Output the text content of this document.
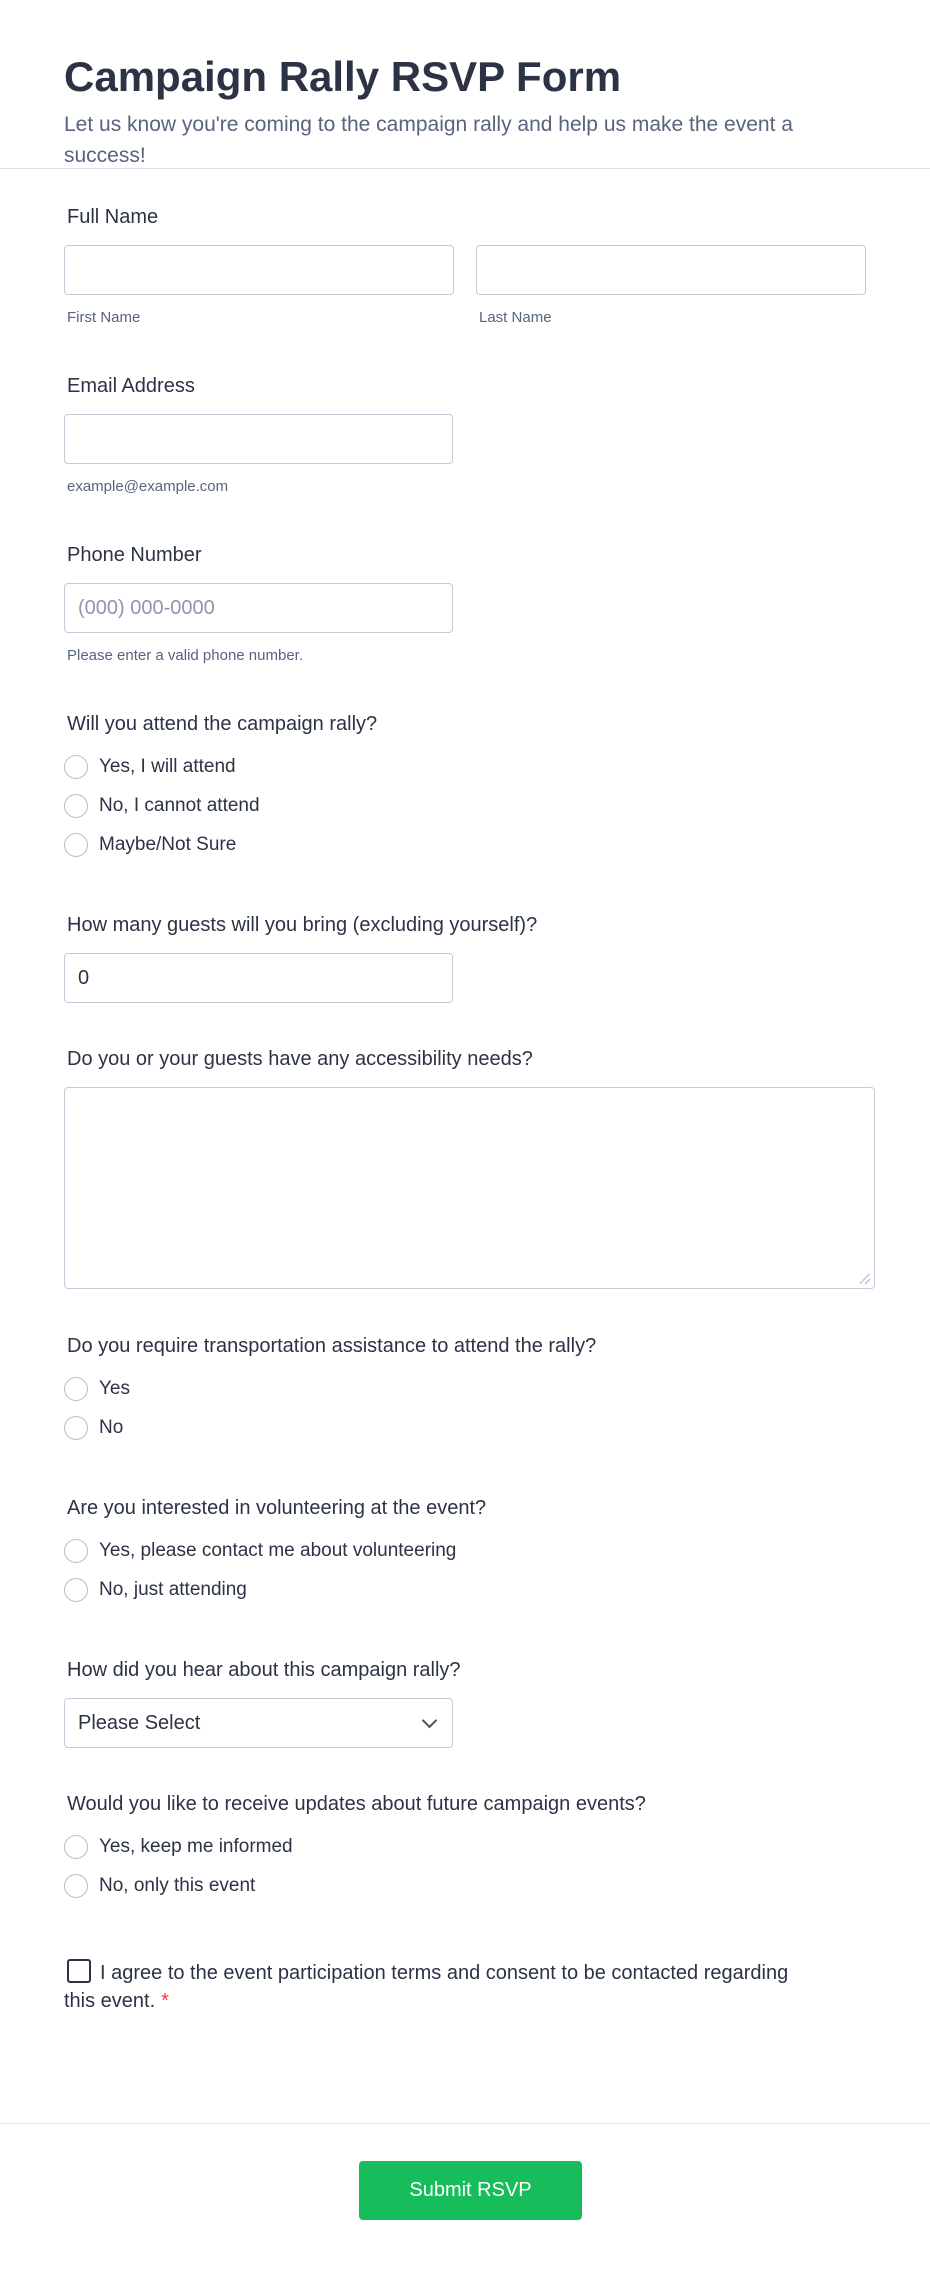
Campaign Rally RSVP Form

Let us know you're coming to the campaign rally and help us make the event a success!

Full Name
First Name	Last Name
Email Address
example@example.com
Phone Number
(000) 000-0000
Please enter a valid phone number.
Will you attend the campaign rally?
Yes, I will attend
No, I cannot attend
Maybe/Not Sure
How many guests will you bring (excluding yourself)?
0
Do you or your guests have any accessibility needs?
Do you require transportation assistance to attend the rally?
Yes
No
Are you interested in volunteering at the event?
Yes, please contact me about volunteering
No, just attending
How did you hear about this campaign rally?
Please Select
Would you like to receive updates about future campaign events?
Yes, keep me informed
No, only this event
I agree to the event participation terms and consent to be contacted regarding this event. *
Submit RSVP
